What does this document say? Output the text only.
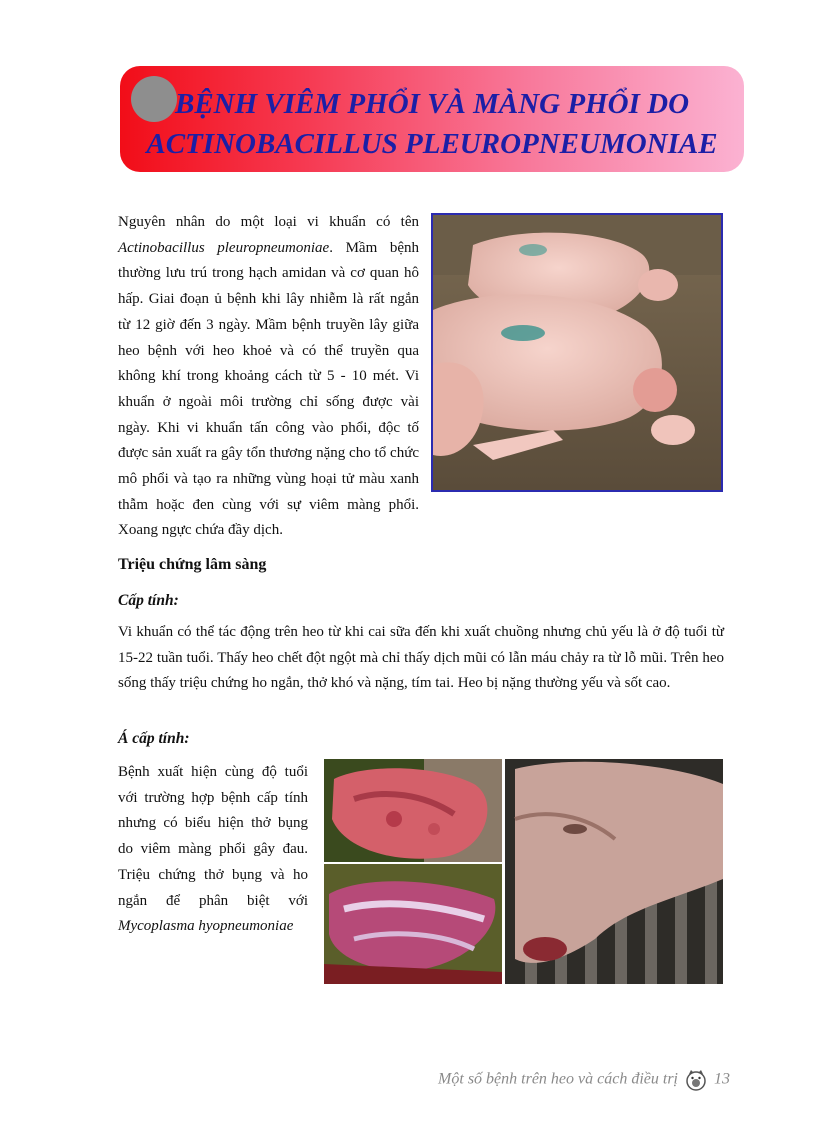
BỆNH VIÊM PHỔI VÀ MÀNG PHỔI DO
ACTINOBACILLUS PLEUROPNEUMONIAE

Nguyên nhân do một loại vi khuẩn có tên Actinobacillus pleuropneumoniae. Mầm bệnh thường lưu trú trong hạch amidan và cơ quan hô hấp. Giai đoạn ủ bệnh khi lây nhiễm là rất ngắn từ 12 giờ đến 3 ngày. Mầm bệnh truyền lây giữa heo bệnh với heo khoẻ và có thể truyền qua không khí trong khoảng cách từ 5 - 10 mét. Vi khuẩn ở ngoài môi trường chỉ sống được vài ngày. Khi vi khuẩn tấn công vào phổi, độc tố được sản xuất ra gây tổn thương nặng cho tổ chức mô phổi và tạo ra những vùng hoại tử màu xanh thẫm hoặc đen cùng với sự viêm màng phổi. Xoang ngực chứa đầy dịch.

Triệu chứng lâm sàng
Cấp tính:

Vi khuẩn có thể tác động trên heo từ khi cai sữa đến khi xuất chuồng nhưng chủ yếu là ở độ tuổi từ 15-22 tuần tuổi. Thấy heo chết đột ngột mà chỉ thấy dịch mũi có lẫn máu chảy ra từ lỗ mũi. Trên heo sống thấy triệu chứng ho ngắn, thở khó và nặng, tím tai. Heo bị nặng thường yếu và sốt cao.

Á cấp tính:

Bệnh xuất hiện cùng độ tuổi với trường hợp bệnh cấp tính nhưng có biểu hiện thở bụng do viêm màng phổi gây đau. Triệu chứng thở bụng và ho ngắn để phân biệt với Mycoplasma hyopneumoniae

Một số bệnh trên heo và cách điều trị 13
